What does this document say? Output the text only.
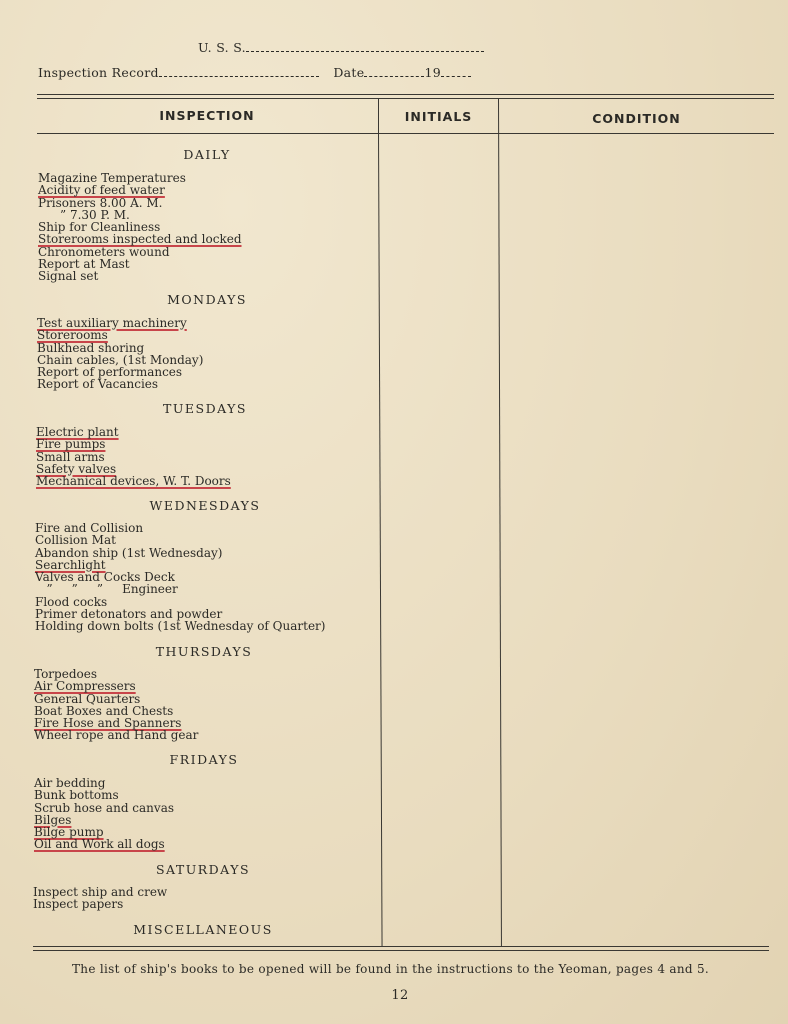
U. S. S.
Inspection Record	Date	19
INSPECTION	INITIALS	CONDITION
DAILY
Magazine Temperatures
Acidity of feed water
Prisoners 8.00 A. M.
” 7.30 P. M.
Ship for Cleanliness
Storerooms inspected and locked
Chronometers wound
Report at Mast
Signal set
MONDAYS
Test auxiliary machinery
Storerooms
Bulkhead shoring
Chain cables, (1st Monday)
Report of performances
Report of Vacancies
TUESDAYS
Electric plant
Fire pumps
Small arms
Safety valves
Mechanical devices, W. T. Doors
WEDNESDAYS
Fire and Collision
Collision Mat
Abandon ship (1st Wednesday)
Searchlight
Valves and Cocks Deck
”     ”     ”     Engineer
Flood cocks
Primer detonators and powder
Holding down bolts (1st Wednesday of Quarter)
THURSDAYS
Torpedoes
Air Compressers
General Quarters
Boat Boxes and Chests
Fire Hose and Spanners
Wheel rope and Hand gear
FRIDAYS
Air bedding
Bunk bottoms
Scrub hose and canvas
Bilges
Bilge pump
Oil and Work all dogs
SATURDAYS
Inspect ship and crew
Inspect papers
MISCELLANEOUS
The list of ship's books to be opened will be found in the instructions to the Yeoman, pages 4 and 5.
12
